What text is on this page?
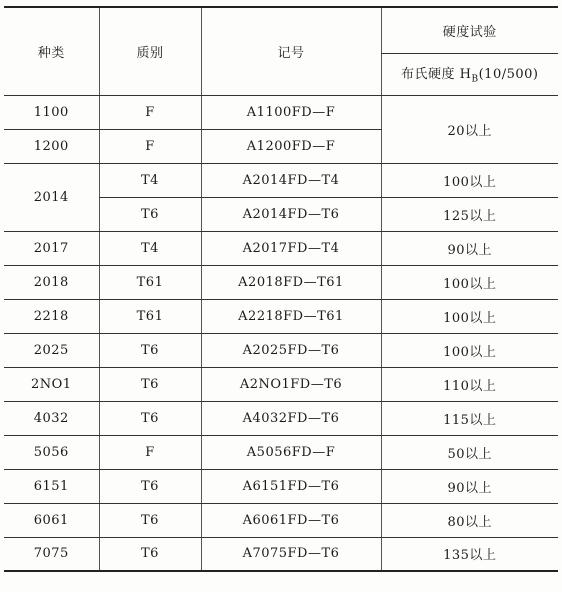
种类	质别	记号	硬度试验
			布氏硬度 $H_B(10/500)$
1100	F	A1100FD—F	20以上
1200	F	A1200FD—F	
2014	T4	A2014FD—T4	100以上
	T6	A2014FD—T6	125以上
2017	T4	A2017FD—T4	90以上
2018	T61	A2018FD—T61	100以上
2218	T61	A2218FD—T61	100以上
2025	T6	A2025FD—T6	100以上
2NO1	T6	A2NO1FD—T6	110以上
4032	T6	A4032FD—T6	115以上
5056	F	A5056FD—F	50以上
6151	T6	A6151FD—T6	90以上
6061	T6	A6061FD—T6	80以上
7075	T6	A7075FD—T6	135以上
